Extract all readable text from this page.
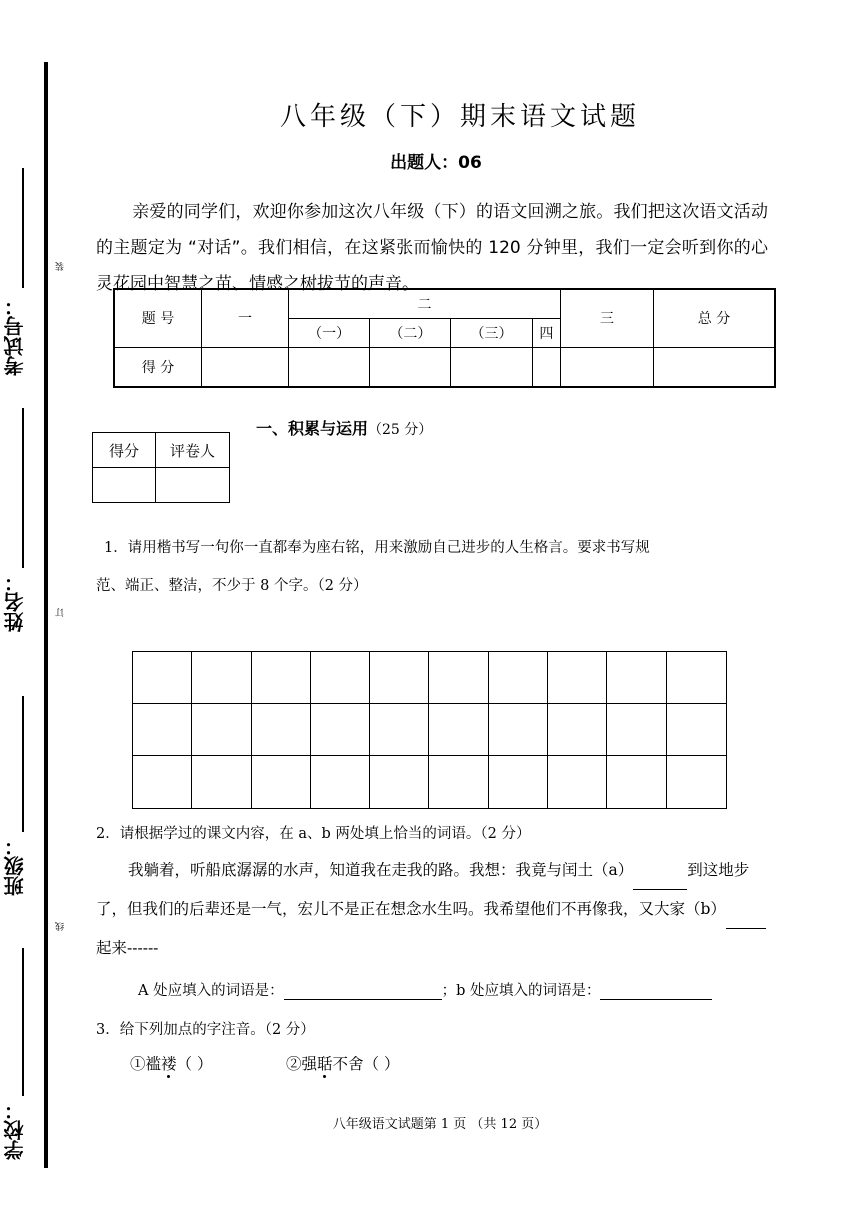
考试号：
姓名：
班级：
学校：
装
订
线
八年级（下）期末语文试题
出题人：06
亲爱的同学们，欢迎你参加这次八年级（下）的语文回溯之旅。我们把这次语文活动的主题定为 “对话”。我们相信，在这紧张而愉快的 120 分钟里，我们一定会听到你的心灵花园中智慧之苗、情感之树拔节的声音。
题 号	一	二				三	总 分
		（一）	（二）	（三）	四		
得 分							
一、积累与运用（25 分）
得分	评卷人

1．请用楷书写一句你一直都奉为座右铭，用来激励自己进步的人生格言。要求书写规
范、端正、整洁，不少于 8 个字。（2 分）
2．请根据学过的课文内容，在 a、b 两处填上恰当的词语。（2 分）
我躺着，听船底潺潺的水声，知道我在走我的路。我想：我竟与闰土（a）	到这地步了，但我们的后辈还是一气，宏儿不是正在想念水生吗。我希望他们不再像我，又大家（b） 起来------
A 处应填入的词语是：	；b 处应填入的词语是：
3．给下列加点的字注音。（2 分）
①褴褛（ ）	②强聒不舍（ ）
八年级语文试题第 1 页 （共 12 页）
